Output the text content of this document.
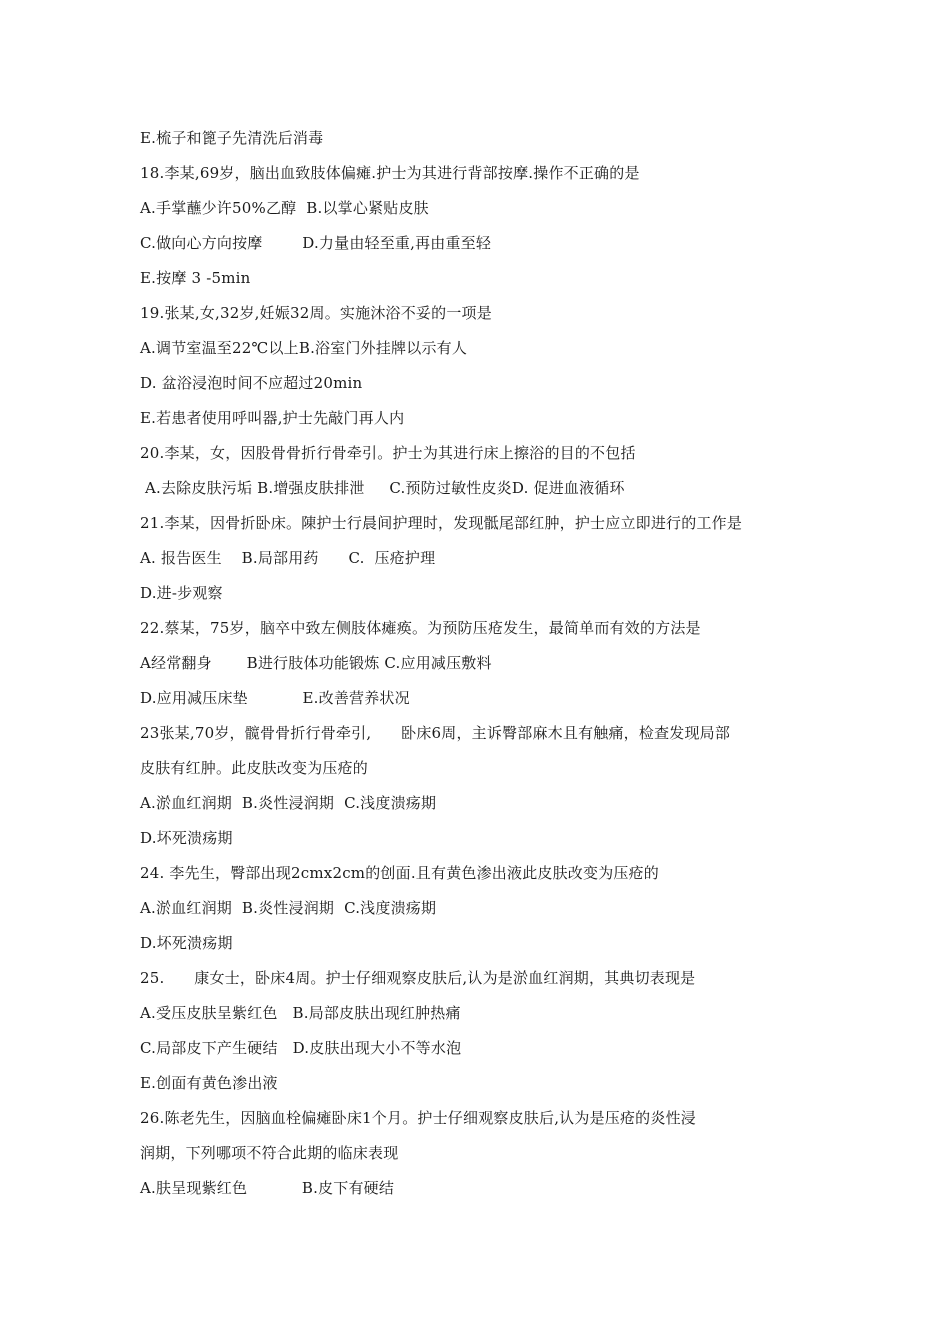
E.梳子和篦子先清洗后消毒
18.李某,69岁，脑出血致肢体偏瘫.护士为其进行背部按摩.操作不正确的是
A.手掌蘸少许50%乙醇  B.以掌心紧贴皮肤
C.做向心方向按摩        D.力量由轻至重,再由重至轻
E.按摩 3 -5min
19.张某,女,32岁,妊娠32周。实施沐浴不妥的一项是
A.调节室温至22℃以上B.浴室门外挂牌以示有人
D. 盆浴浸泡时间不应超过20min
E.若患者使用呼叫器,护士先敲门再人内
20.李某，女，因股骨骨折行骨牵引。护士为其进行床上擦浴的目的不包括
A.去除皮肤污垢 B.增强皮肤排泄     C.预防过敏性皮炎D. 促进血液循环
21.李某，因骨折卧床。陳护士行晨间护理时，发现骶尾部红肿，护士应立即进行的工作是
A. 报告医生    B.局部用药      C.  压疮护理
D.进-步观察
22.蔡某，75岁，脑卒中致左侧肢体瘫痪。为预防压疮发生，最简单而有效的方法是
A经常翻身       B进行肢体功能锻炼 C.应用减压敷料
D.应用减压床垫           E.改善营养状况
23张某,70岁，髋骨骨折行骨牵引,      卧床6周，主诉臀部麻木且有触痛，检查发现局部
皮肤有红肿。此皮肤改变为压疮的
A.淤血红润期  B.炎性浸润期  C.浅度溃疡期
D.坏死溃疡期
24. 李先生，臀部出现2cmx2cm的创面.且有黄色渗出液此皮肤改变为压疮的
A.淤血红润期  B.炎性浸润期  C.浅度溃疡期
D.坏死溃疡期
25.      康女士，卧床4周。护士仔细观察皮肤后,认为是淤血红润期，其典切表现是
A.受压皮肤呈紫红色   B.局部皮肤出现红肿热痛
C.局部皮下产生硬结   D.皮肤出现大小不等水泡
E.创面有黄色渗出液
26.陈老先生，因脑血栓偏瘫卧床1个月。护士仔细观察皮肤后,认为是压疮的炎性浸
润期，下列哪项不符合此期的临床表现
A.肤呈现紫红色           B.皮下有硬结
